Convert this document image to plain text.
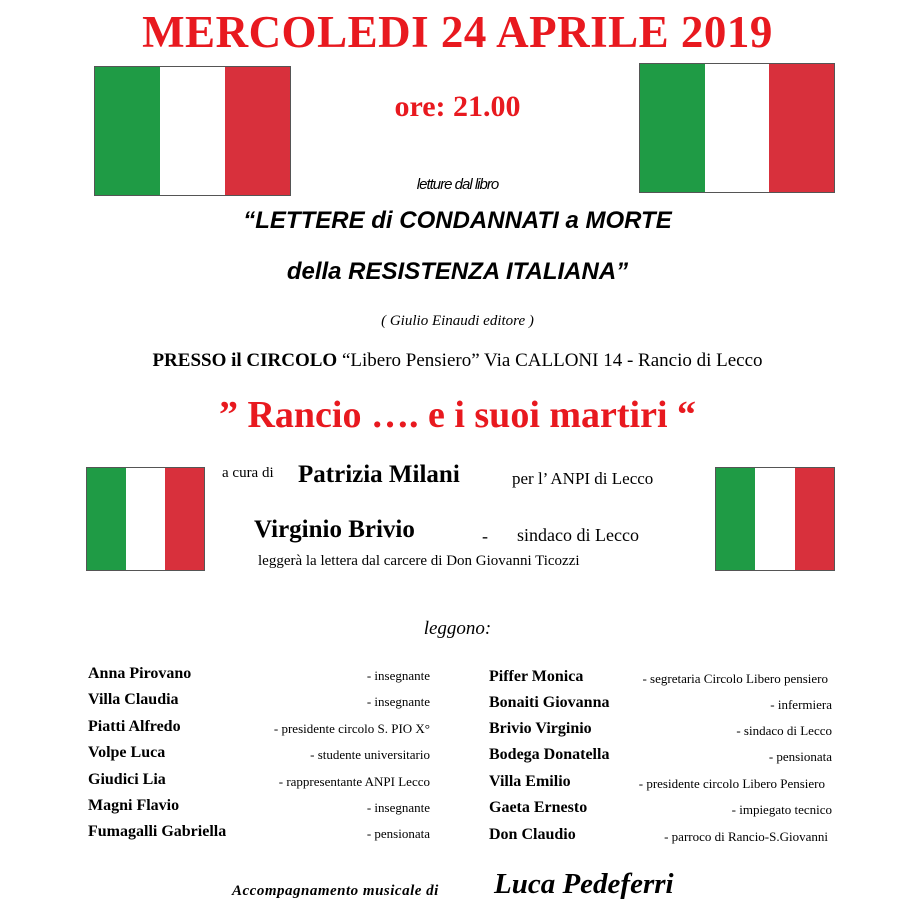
MERCOLEDI 24 APRILE 2019
ore: 21.00
letture dal libro
“LETTERE di CONDANNATI a MORTE
della RESISTENZA ITALIANA”
( Giulio Einaudi editore )
PRESSO il CIRCOLO “Libero Pensiero” Via CALLONI 14 - Rancio di Lecco
” Rancio …. e i suoi martiri “
a cura di Patrizia Milani	per l’ ANPI di Lecco
Virginio Brivio	- sindaco di Lecco
leggerà la lettera dal carcere di Don Giovanni Ticozzi
leggono:
Anna Pirovano	- insegnante
Villa Claudia	- insegnante
Piatti Alfredo	- presidente circolo S. PIO X°
Volpe Luca	- studente universitario
Giudici Lia	- rappresentante ANPI Lecco
Magni Flavio	- insegnante
Fumagalli Gabriella	- pensionata
Piffer Monica	- segretaria Circolo Libero pensiero
Bonaiti Giovanna	- infermiera
Brivio Virginio	- sindaco di Lecco
Bodega Donatella	- pensionata
Villa Emilio	- presidente circolo Libero Pensiero
Gaeta Ernesto	- impiegato tecnico
Don Claudio	- parroco di Rancio-S.Giovanni
Accompagnamento musicale di Luca Pedeferri
